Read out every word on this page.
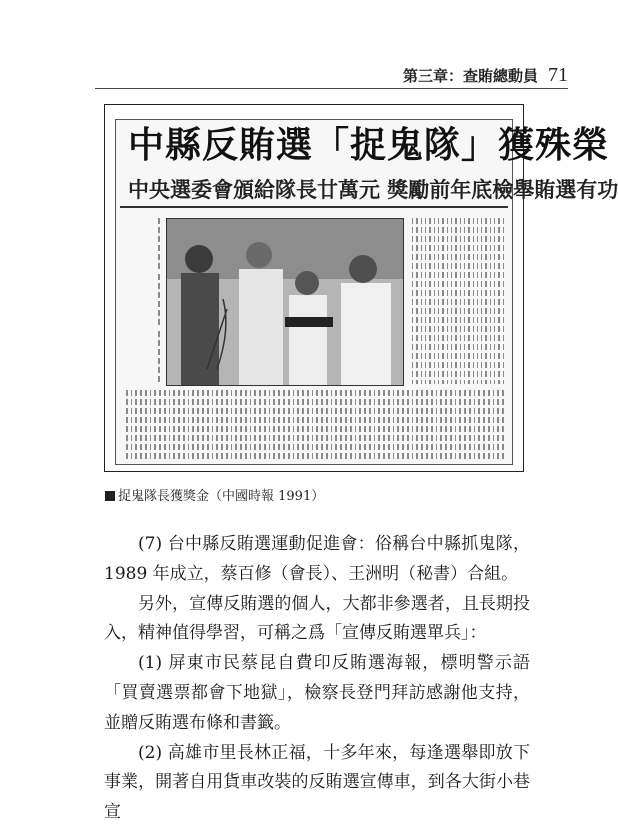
第三章：查賄總動員 71
中縣反賄選「捉鬼隊」獲殊榮
中央選委會頒給隊長廿萬元 獎勵前年底檢舉賄選有功
捉鬼隊長獲獎金（中國時報 1991）

(7) 台中縣反賄選運動促進會：俗稱台中縣抓鬼隊，1989 年成立，蔡百修（會長）、王洲明（秘書）合組。

另外，宣傳反賄選的個人，大都非參選者，且長期投入，精神值得學習，可稱之爲「宣傳反賄選單兵」：

(1) 屏東市民蔡昆自費印反賄選海報，標明警示語「買賣選票都會下地獄」，檢察長登門拜訪感謝他支持，並贈反賄選布條和書籤。

(2) 高雄市里長林正福，十多年來，每逢選舉即放下事業，開著自用貨車改裝的反賄選宣傳車，到各大街小巷宣
